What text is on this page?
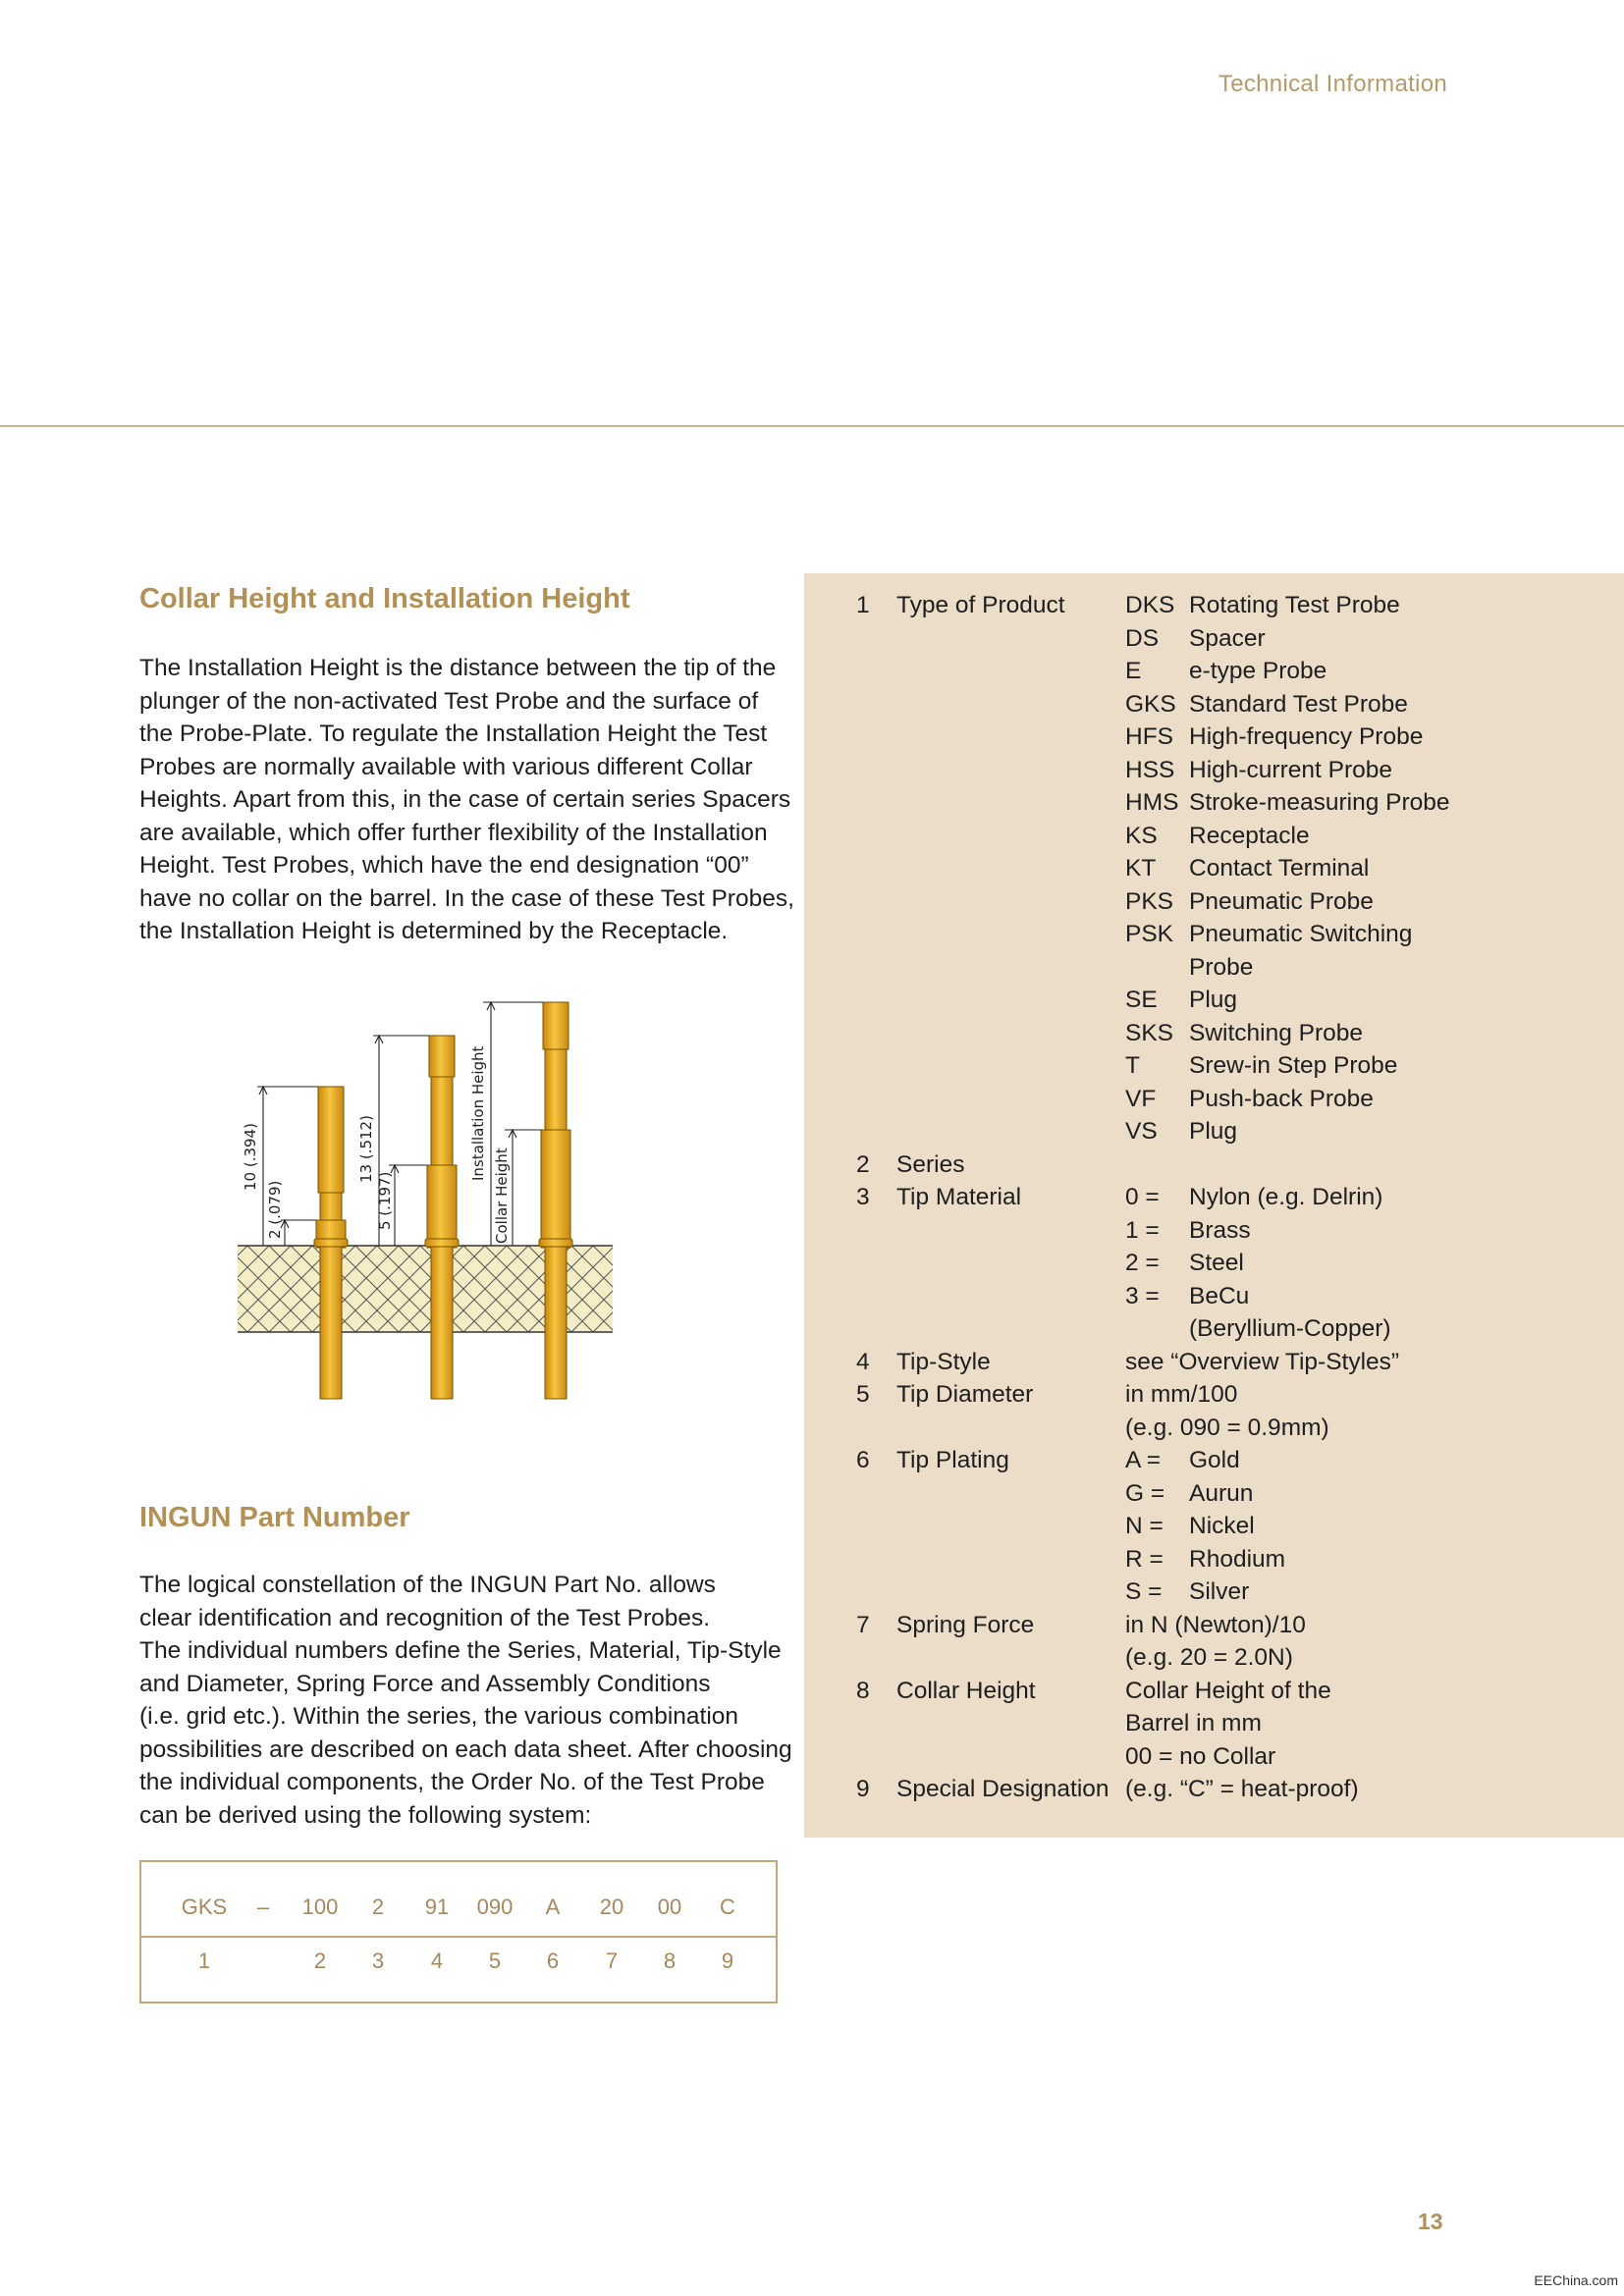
Technical Information
Collar Height and Installation Height
The Installation Height is the distance between the tip of the
plunger of the non-activated Test Probe and the surface of
the Probe-Plate. To regulate the Installation Height the Test
Probes are normally available with various different Collar
Heights. Apart from this, in the case of certain series Spacers
are available, which offer further flexibility of the Installation
Height. Test Probes, which have the end designation “00”
have no collar on the barrel. In the case of these Test Probes,
the Installation Height is determined by the Receptacle.
10 (.394)
2 (.079)
13 (.512)
5 (.197)
Installation Height
Collar Height
INGUN Part Number
The logical constellation of the INGUN Part No. allows
clear identification and recognition of the Test Probes.
The individual numbers define the Series, Material, Tip-Style
and Diameter, Spring Force and Assembly Conditions
(i.e. grid etc.). Within the series, the various combination
possibilities are described on each data sheet. After choosing
the individual components, the Order No. of the Test Probe
can be derived using the following system:
GKS – 100 2 91 090 A 20 00 C
1	2 3 4 5 6 7 8 9
1 Type of Product	DKS Rotating Test Probe
DS Spacer
E e-type Probe
GKS Standard Test Probe
HFS High-frequency Probe
HSS High-current Probe
HMS Stroke-measuring Probe
KS Receptacle
KT Contact Terminal
PKS Pneumatic Probe
PSK Pneumatic Switching
Probe
SE Plug
SKS Switching Probe
T Srew-in Step Probe
VF Push-back Probe
VS Plug
2 Series
3 Tip Material	0 = Nylon (e.g. Delrin)
1 = Brass
2 = Steel
3 = BeCu
(Beryllium-Copper)
4 Tip-Style	see “Overview Tip-Styles”
5 Tip Diameter	in mm/100
(e.g. 090 = 0.9mm)
6 Tip Plating	A = Gold
G = Aurun
N = Nickel
R = Rhodium
S = Silver
7 Spring Force	in N (Newton)/10
(e.g. 20 = 2.0N)
8 Collar Height	Collar Height of the
Barrel in mm
00 = no Collar
9 Special Designation (e.g. “C” = heat-proof)
13
EEChina.com
